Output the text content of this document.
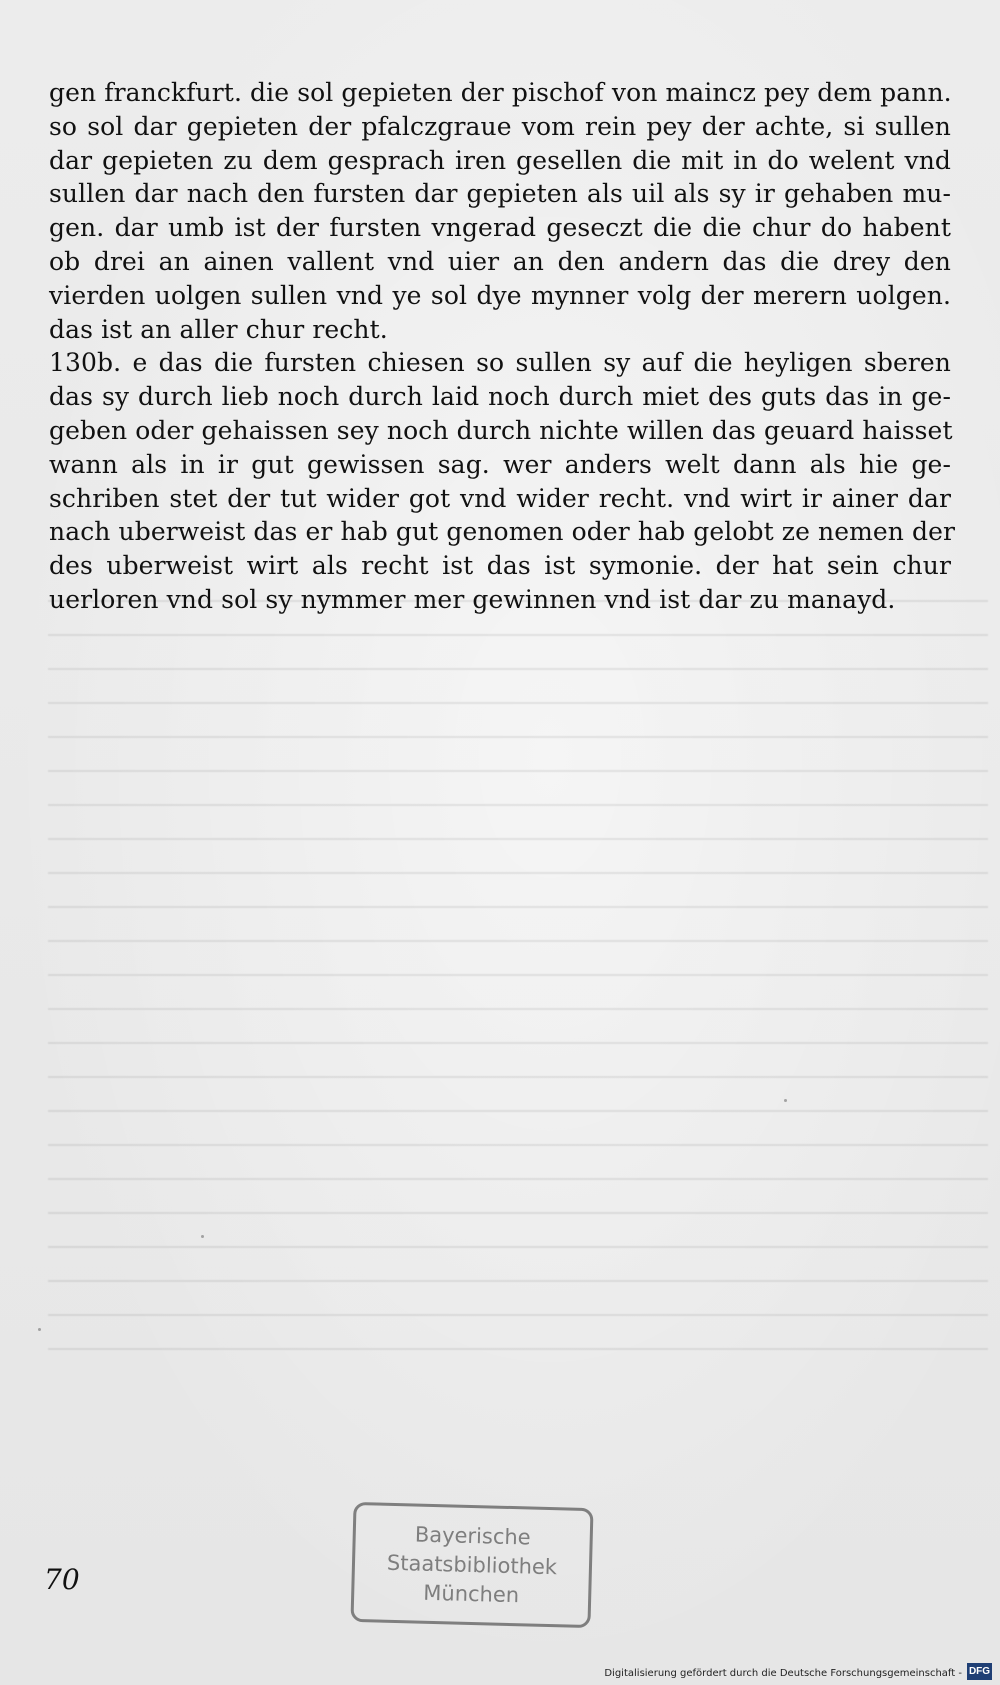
gen franckfurt. die sol gepieten der pischof von maincz pey dem pann.
so sol dar gepieten der pfalczgraue vom rein pey der achte, si sullen
dar gepieten zu dem gesprach iren gesellen die mit in do welent vnd
sullen dar nach den fursten dar gepieten als uil als sy ir gehaben mu-
gen. dar umb ist der fursten vngerad geseczt die die chur do habent
ob drei an ainen vallent vnd uier an den andern das die drey den
vierden uolgen sullen vnd ye sol dye mynner volg der merern uolgen.
das ist an aller chur recht.
130b. e das die fursten chiesen so sullen sy auf die heyligen sberen
das sy durch lieb noch durch laid noch durch miet des guts das in ge-
geben oder gehaissen sey noch durch nichte willen das geuard haisset
wann als in ir gut gewissen sag. wer anders welt dann als hie ge-
schriben stet der tut wider got vnd wider recht. vnd wirt ir ainer dar
nach uberweist das er hab gut genomen oder hab gelobt ze nemen der
des uberweist wirt als recht ist das ist symonie. der hat sein chur
uerloren vnd sol sy nymmer mer gewinnen vnd ist dar zu manayd.
70
Bayerische
Staatsbibliothek
München
Digitalisierung gefördert durch die Deutsche Forschungsgemeinschaft - DFG
